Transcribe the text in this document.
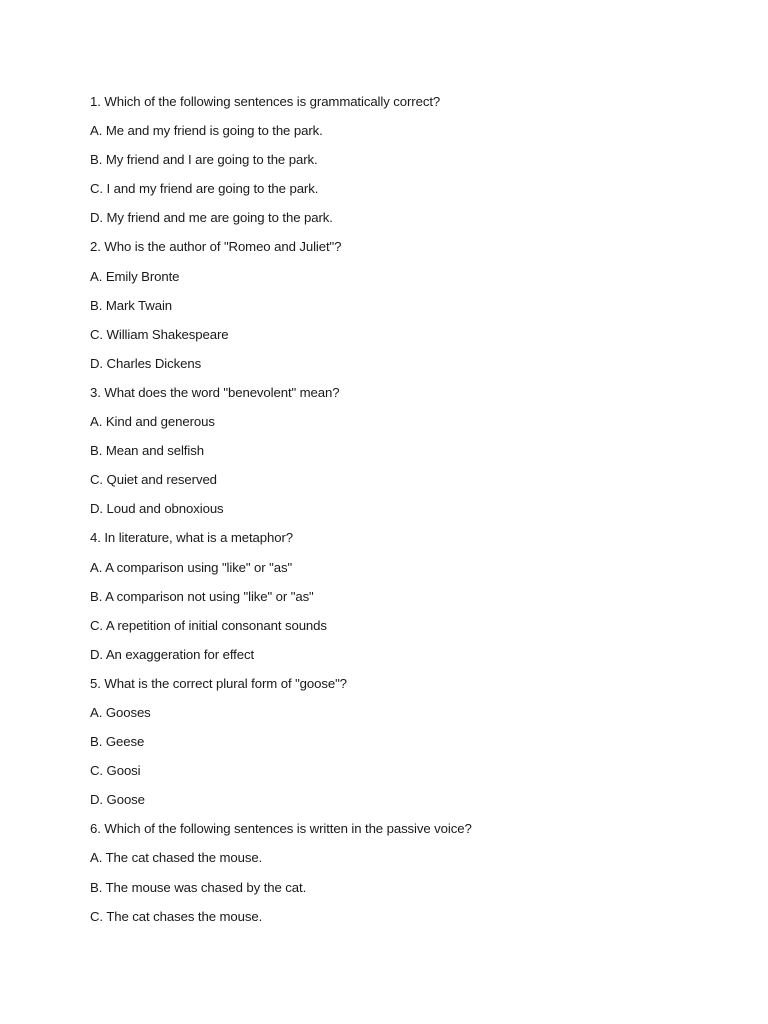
1. Which of the following sentences is grammatically correct?
A. Me and my friend is going to the park.
B. My friend and I are going to the park.
C. I and my friend are going to the park.
D. My friend and me are going to the park.
2. Who is the author of "Romeo and Juliet"?
A. Emily Bronte
B. Mark Twain
C. William Shakespeare
D. Charles Dickens
3. What does the word "benevolent" mean?
A. Kind and generous
B. Mean and selfish
C. Quiet and reserved
D. Loud and obnoxious
4. In literature, what is a metaphor?
A. A comparison using "like" or "as"
B. A comparison not using "like" or "as"
C. A repetition of initial consonant sounds
D. An exaggeration for effect
5. What is the correct plural form of "goose"?
A. Gooses
B. Geese
C. Goosi
D. Goose
6. Which of the following sentences is written in the passive voice?
A. The cat chased the mouse.
B. The mouse was chased by the cat.
C. The cat chases the mouse.
